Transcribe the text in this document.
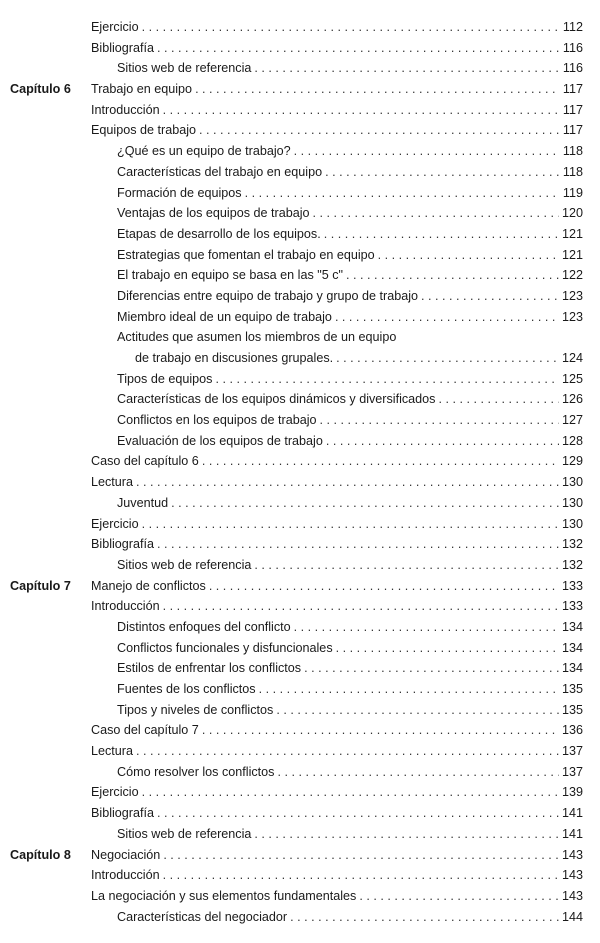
Ejercicio . . .	112
Bibliografía . . .	116
Sitios web de referencia . . .	116
Capítulo 6 Trabajo en equipo . . .	117
Introducción . . .	117
Equipos de trabajo . . .	117
¿Qué es un equipo de trabajo? . . .	118
Características del trabajo en equipo . . .	118
Formación de equipos . . .	119
Ventajas de los equipos de trabajo . . .	120
Etapas de desarrollo de los equipos. . . .	121
Estrategias que fomentan el trabajo en equipo . . .	121
El trabajo en equipo se basa en las "5 c" . . .	122
Diferencias entre equipo de trabajo y grupo de trabajo . . .	123
Miembro ideal de un equipo de trabajo . . .	123
Actitudes que asumen los miembros de un equipo
de trabajo en discusiones grupales. . . .	124
Tipos de equipos . . .	125
Características de los equipos dinámicos y diversificados . . .	126
Conflictos en los equipos de trabajo . . .	127
Evaluación de los equipos de trabajo . . .	128
Caso del capítulo 6 . . .	129
Lectura . . .	130
Juventud . . .	130
Ejercicio . . .	130
Bibliografía . . .	132
Sitios web de referencia . . .	132
Capítulo 7 Manejo de conflictos . . .	133
Introducción . . .	133
Distintos enfoques del conflicto . . .	134
Conflictos funcionales y disfuncionales . . .	134
Estilos de enfrentar los conflictos . . .	134
Fuentes de los conflictos . . .	135
Tipos y niveles de conflictos . . .	135
Caso del capítulo 7 . . .	136
Lectura . . .	137
Cómo resolver los conflictos . . .	137
Ejercicio . . .	139
Bibliografía . . .	141
Sitios web de referencia . . .	141
Capítulo 8 Negociación . . .	143
Introducción . . .	143
La negociación y sus elementos fundamentales . . .	143
Características del negociador . . .	144
